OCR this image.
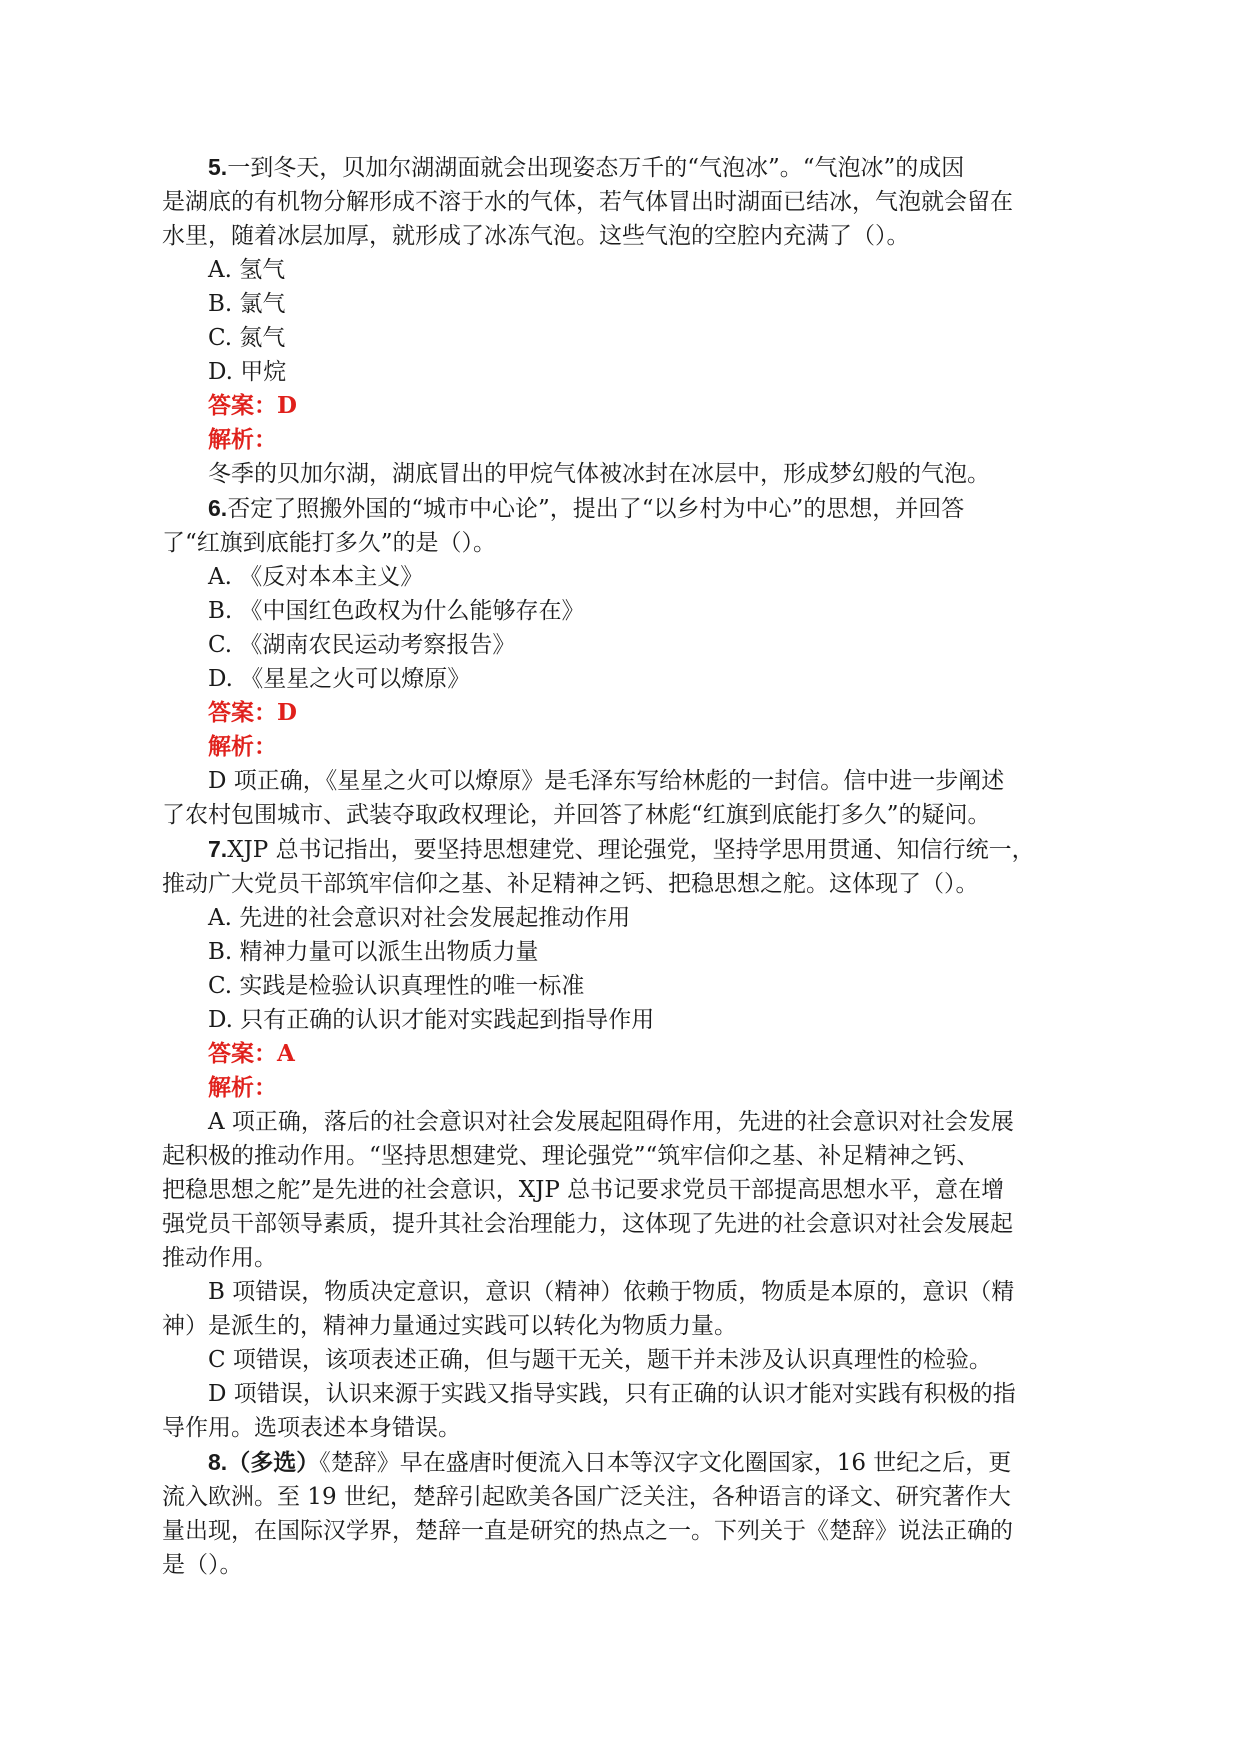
5.一到冬天，贝加尔湖湖面就会出现姿态万千的“气泡冰”。“气泡冰”的成因
是湖底的有机物分解形成不溶于水的气体，若气体冒出时湖面已结冰，气泡就会留在
水里，随着冰层加厚，就形成了冰冻气泡。这些气泡的空腔内充满了（）。
A. 氢气
B. 氯气
C. 氮气
D. 甲烷
答案：D
解析：
冬季的贝加尔湖，湖底冒出的甲烷气体被冰封在冰层中，形成梦幻般的气泡。
6.否定了照搬外国的“城市中心论”，提出了“以乡村为中心”的思想，并回答
了“红旗到底能打多久”的是（）。
A. 《反对本本主义》
B. 《中国红色政权为什么能够存在》
C. 《湖南农民运动考察报告》
D. 《星星之火可以燎原》
答案：D
解析：
D 项正确，《星星之火可以燎原》是毛泽东写给林彪的一封信。信中进一步阐述
了农村包围城市、武装夺取政权理论，并回答了林彪“红旗到底能打多久”的疑问。
7.XJP 总书记指出，要坚持思想建党、理论强党，坚持学思用贯通、知信行统一，
推动广大党员干部筑牢信仰之基、补足精神之钙、把稳思想之舵。这体现了（）。
A. 先进的社会意识对社会发展起推动作用
B. 精神力量可以派生出物质力量
C. 实践是检验认识真理性的唯一标准
D. 只有正确的认识才能对实践起到指导作用
答案：A
解析：
A 项正确，落后的社会意识对社会发展起阻碍作用，先进的社会意识对社会发展
起积极的推动作用。“坚持思想建党、理论强党”“筑牢信仰之基、补足精神之钙、
把稳思想之舵”是先进的社会意识，XJP 总书记要求党员干部提高思想水平，意在增
强党员干部领导素质，提升其社会治理能力，这体现了先进的社会意识对社会发展起
推动作用。
B 项错误，物质决定意识，意识（精神）依赖于物质，物质是本原的，意识（精
神）是派生的，精神力量通过实践可以转化为物质力量。
C 项错误，该项表述正确，但与题干无关，题干并未涉及认识真理性的检验。
D 项错误，认识来源于实践又指导实践，只有正确的认识才能对实践有积极的指
导作用。选项表述本身错误。
8.（多选）《楚辞》早在盛唐时便流入日本等汉字文化圈国家，16 世纪之后，更
流入欧洲。至 19 世纪，楚辞引起欧美各国广泛关注，各种语言的译文、研究著作大
量出现，在国际汉学界，楚辞一直是研究的热点之一。下列关于《楚辞》说法正确的
是（）。
